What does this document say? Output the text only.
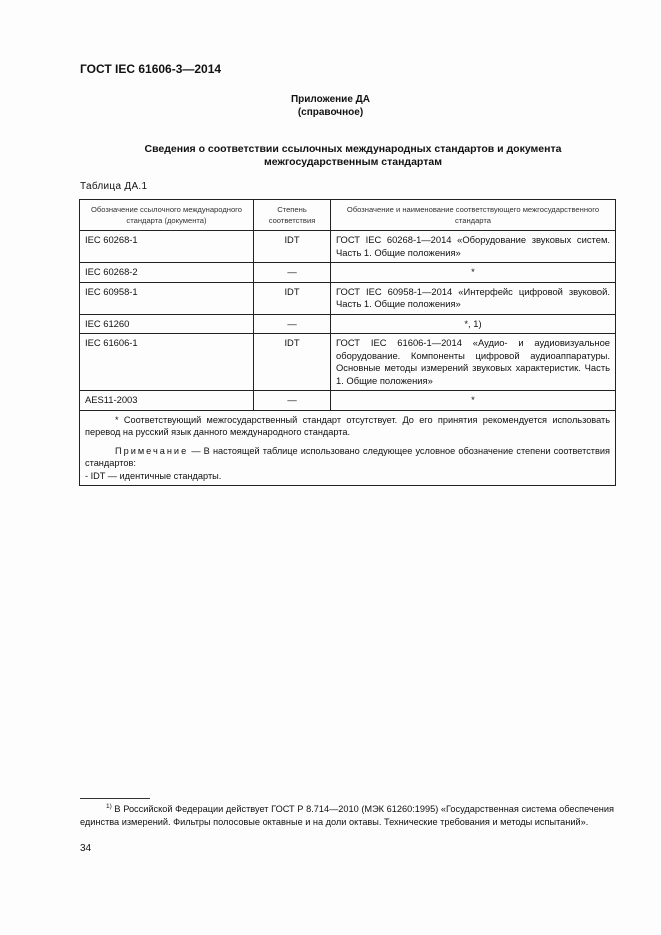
ГОСТ IEC 61606-3—2014
Приложение ДА
(справочное)
Сведения о соответствии ссылочных международных стандартов и документа межгосударственным стандартам
Таблица ДА.1
Обозначение ссылочного международного стандарта (документа)	Степень соответствия	Обозначение и наименование соответствующего межгосударственного стандарта
IEC 60268-1	IDT	ГОСТ IEC 60268-1—2014 «Оборудование звуковых систем. Часть 1. Общие положения»
IEC 60268-2	—	*
IEC 60958-1	IDT	ГОСТ IEC 60958-1—2014 «Интерфейс цифровой звуковой. Часть 1. Общие положения»
IEC 61260	—	*, 1)
IEC 61606-1	IDT	ГОСТ IEC 61606-1—2014 «Аудио- и аудиовизуальное оборудование. Компоненты цифровой аудиоаппаратуры. Основные методы измерений звуковых характеристик. Часть 1. Общие положения»
AES11-2003	—	*

* Соответствующий межгосударственный стандарт отсутствует. До его принятия рекомендуется использовать перевод на русский язык данного международного стандарта.

Примечание — В настоящей таблице использовано следующее условное обозначение степени соответствия стандартов:
- IDT — идентичные стандарты.		

$^{1)}$ В Российской Федерации действует ГОСТ Р 8.714—2010 (МЭК 61260:1995) «Государственная система обеспечения единства измерений. Фильтры полосовые октавные и на доли октавы. Технические требования и методы испытаний».
34
